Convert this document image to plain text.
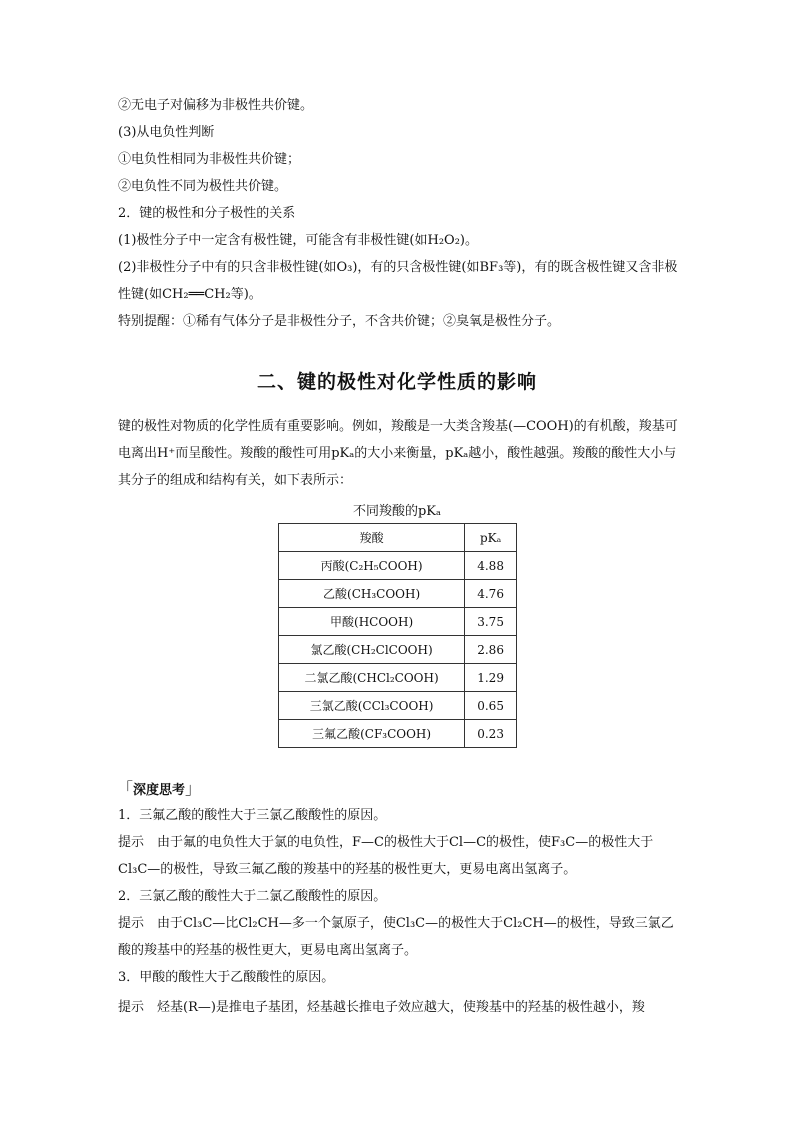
②无电子对偏移为非极性共价键。
(3)从电负性判断
①电负性相同为非极性共价键；
②电负性不同为极性共价键。
2．键的极性和分子极性的关系
(1)极性分子中一定含有极性键，可能含有非极性键(如H₂O₂)。
(2)非极性分子中有的只含非极性键(如O₃)，有的只含极性键(如BF₃等)，有的既含极性键又含非极性键(如CH₂══CH₂等)。
特别提醒：①稀有气体分子是非极性分子，不含共价键；②臭氧是极性分子。
二、键的极性对化学性质的影响
键的极性对物质的化学性质有重要影响。例如，羧酸是一大类含羧基(—COOH)的有机酸，羧基可电离出H⁺而呈酸性。羧酸的酸性可用pKₐ的大小来衡量，pKₐ越小，酸性越强。羧酸的酸性大小与其分子的组成和结构有关，如下表所示：
不同羧酸的pKₐ
羧酸	pKₐ
丙酸(C₂H₅COOH)	4.88
乙酸(CH₃COOH)	4.76
甲酸(HCOOH)	3.75
氯乙酸(CH₂ClCOOH)	2.86
二氯乙酸(CHCl₂COOH)	1.29
三氯乙酸(CCl₃COOH)	0.65
三氟乙酸(CF₃COOH)	0.23
「深度思考」
1．三氟乙酸的酸性大于三氯乙酸酸性的原因。
提示　由于氟的电负性大于氯的电负性，F—C的极性大于Cl—C的极性，使F₃C—的极性大于Cl₃C—的极性，导致三氟乙酸的羧基中的羟基的极性更大，更易电离出氢离子。
2．三氯乙酸的酸性大于二氯乙酸酸性的原因。
提示　由于Cl₃C—比Cl₂CH—多一个氯原子，使Cl₃C—的极性大于Cl₂CH—的极性，导致三氯乙酸的羧基中的羟基的极性更大，更易电离出氢离子。
3．甲酸的酸性大于乙酸酸性的原因。
提示　烃基(R—)是推电子基团，烃基越长推电子效应越大，使羧基中的羟基的极性越小，羧
